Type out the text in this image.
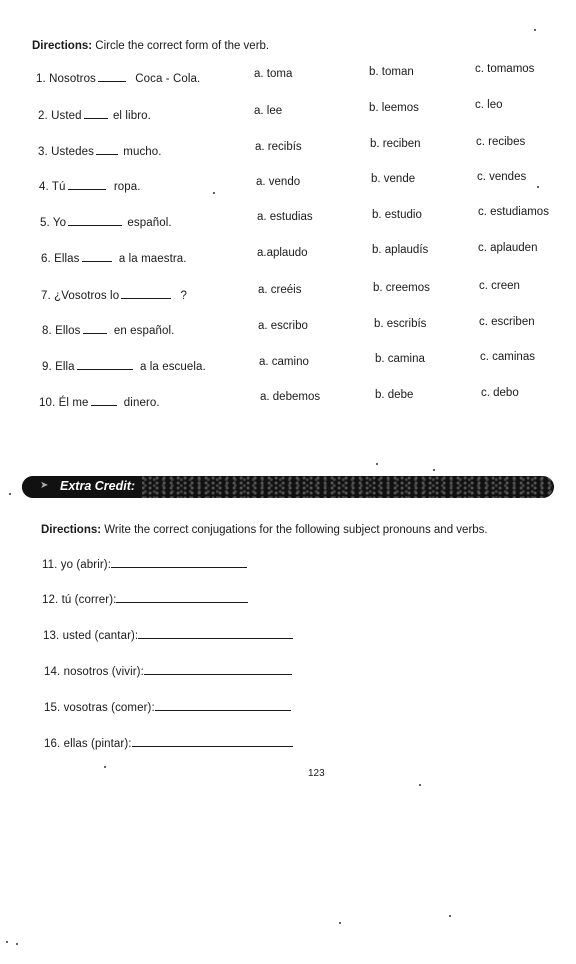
Directions: Circle the correct form of the verb.
1. Nosotros	Coca - Cola.	a. toma	b. toman	c. tomamos
2. Usted	el libro.	a. lee	b. leemos	c. leo
3. Ustedes	mucho.	a. recibís	b. reciben	c. recibes
4. Tú	ropa.	a. vendo	b. vende	c. vendes
5. Yo	español.	a. estudias	b. estudio	c. estudiamos
6. Ellas	a la maestra.	a.aplaudo	b. aplaudís	c. aplauden
7. ¿Vosotros lo	?	a. creéis	b. creemos	c. creen
8. Ellos	en español.	a. escribo	b. escribís	c. escriben
9. Ella	a la escuela.	a. camino	b. camina	c. caminas
10. Él me	dinero.	a. debemos	b. debe	c. debo
➤ Extra Credit:
Directions: Write the correct conjugations for the following subject pronouns and verbs.
11. yo (abrir):
12. tú (correr):
13. usted (cantar):
14. nosotros (vivir):
15. vosotras (comer):
16. ellas (pintar):
123
